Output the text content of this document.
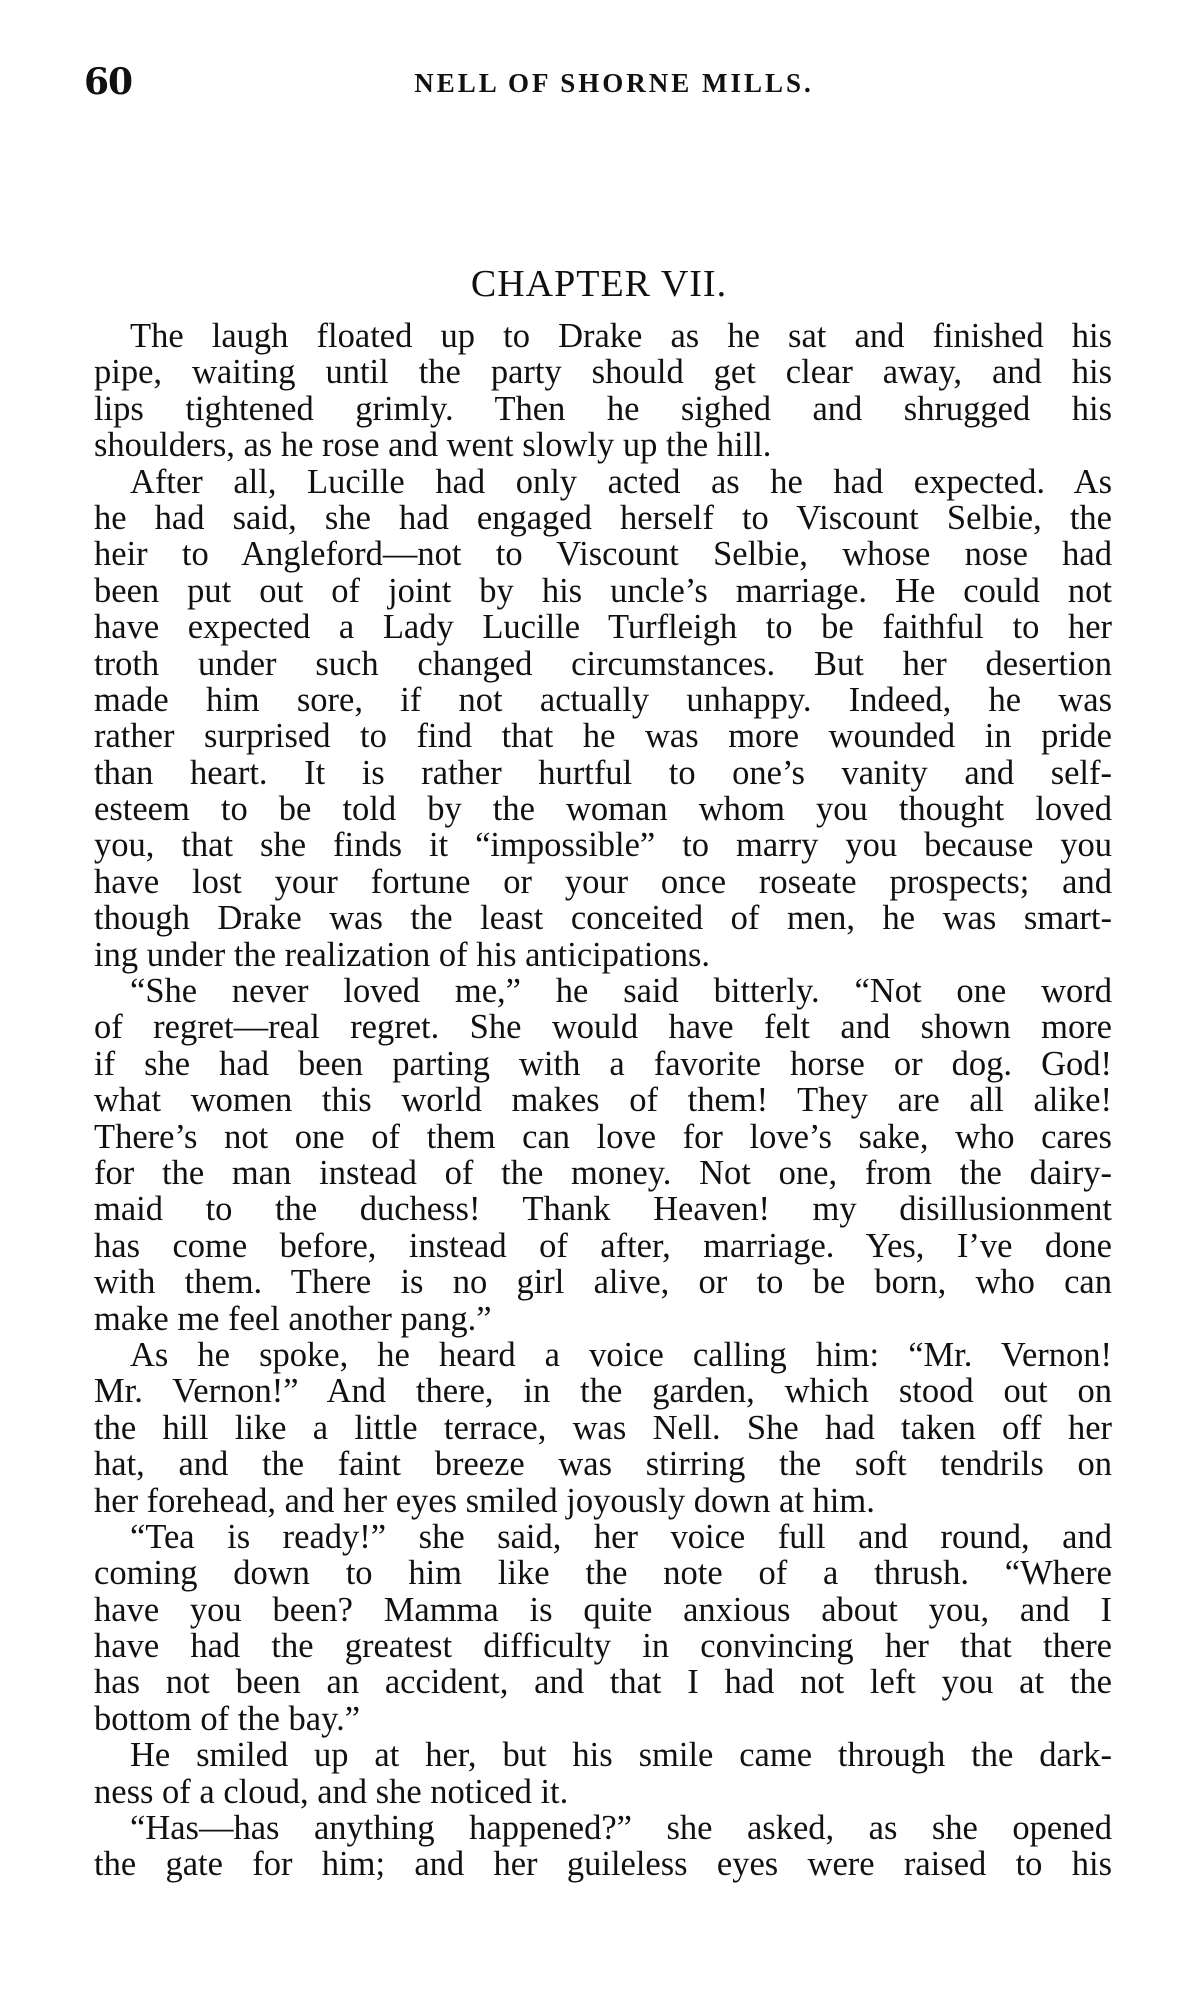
60	NELL OF SHORNE MILLS.
CHAPTER VII.
The laugh floated up to Drake as he sat and finished his
pipe, waiting until the party should get clear away, and his
lips tightened grimly. Then he sighed and shrugged his
shoulders, as he rose and went slowly up the hill.
After all, Lucille had only acted as he had expected. As
he had said, she had engaged herself to Viscount Selbie, the
heir to Angleford—not to Viscount Selbie, whose nose had
been put out of joint by his uncle’s marriage. He could not
have expected a Lady Lucille Turfleigh to be faithful to her
troth under such changed circumstances. But her desertion
made him sore, if not actually unhappy. Indeed, he was
rather surprised to find that he was more wounded in pride
than heart. It is rather hurtful to one’s vanity and self-
esteem to be told by the woman whom you thought loved
you, that she finds it “impossible” to marry you because you
have lost your fortune or your once roseate prospects; and
though Drake was the least conceited of men, he was smart-
ing under the realization of his anticipations.
“She never loved me,” he said bitterly. “Not one word
of regret—real regret. She would have felt and shown more
if she had been parting with a favorite horse or dog. God!
what women this world makes of them! They are all alike!
There’s not one of them can love for love’s sake, who cares
for the man instead of the money. Not one, from the dairy-
maid to the duchess! Thank Heaven! my disillusionment
has come before, instead of after, marriage. Yes, I’ve done
with them. There is no girl alive, or to be born, who can
make me feel another pang.”
As he spoke, he heard a voice calling him: “Mr. Vernon!
Mr. Vernon!” And there, in the garden, which stood out on
the hill like a little terrace, was Nell. She had taken off her
hat, and the faint breeze was stirring the soft tendrils on
her forehead, and her eyes smiled joyously down at him.
“Tea is ready!” she said, her voice full and round, and
coming down to him like the note of a thrush. “Where
have you been? Mamma is quite anxious about you, and I
have had the greatest difficulty in convincing her that there
has not been an accident, and that I had not left you at the
bottom of the bay.”
He smiled up at her, but his smile came through the dark-
ness of a cloud, and she noticed it.
“Has—has anything happened?” she asked, as she opened
the gate for him; and her guileless eyes were raised to his
